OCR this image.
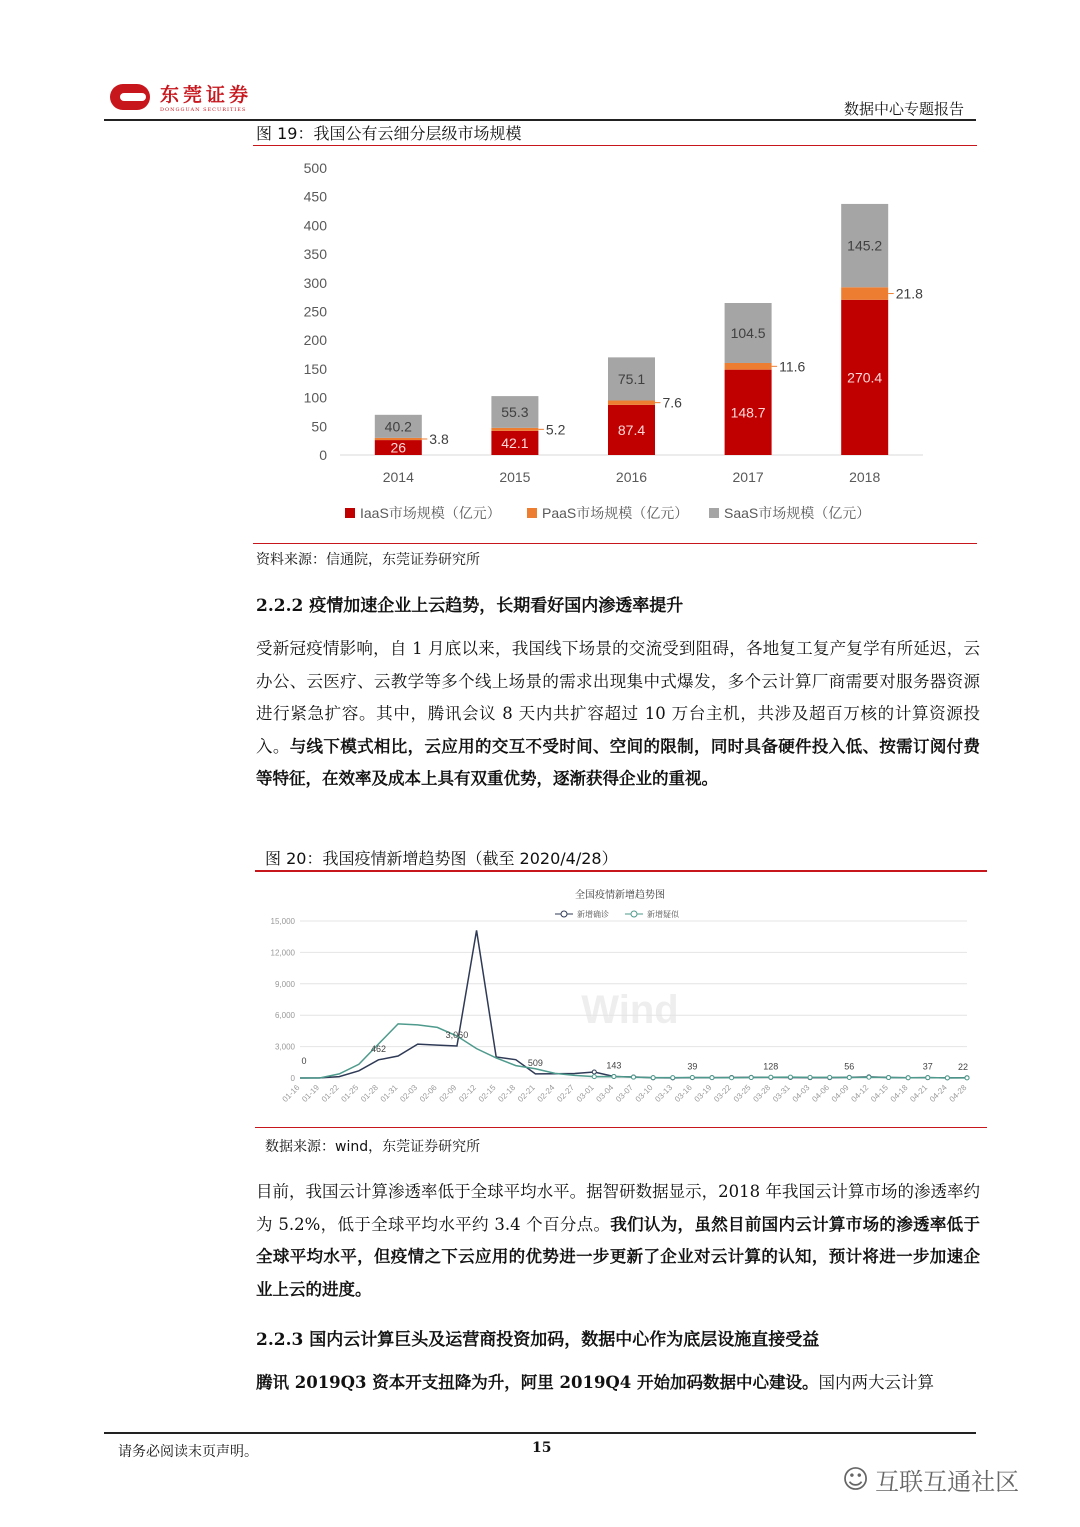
东莞证券
DONGGUAN SECURITIES	数据中心专题报告
图 19：我国公有云细分层级市场规模
0
50
100
150
200
250
300
350
400
450
500
2014	2015	2016	2017	2018
26
3.8
40.2
42.1
5.2
55.3
87.4
7.6
75.1
148.7
11.6
104.5
270.4
21.8
145.2
IaaS市场规模（亿元）	PaaS市场规模（亿元）	SaaS市场规模（亿元）
资料来源：信通院，东莞证券研究所
2.2.2 疫情加速企业上云趋势，长期看好国内渗透率提升
受新冠疫情影响，自 1 月底以来，我国线下场景的交流受到阻碍，各地复工复产复学有所延迟，云办公、云医疗、云教学等多个线上场景的需求出现集中式爆发，多个云计算厂商需要对服务器资源进行紧急扩容。其中，腾讯会议 8 天内共扩容超过 10 万台主机，共涉及超百万核的计算资源投入。与线下模式相比，云应用的交互不受时间、空间的限制，同时具备硬件投入低、按需订阅付费等特征，在效率及成本上具有双重优势，逐渐获得企业的重视。
图 20：我国疫情新增趋势图（截至 2020/4/28）
全国疫情新增趋势图
Wind
0
3,000
6,000
9,000
12,000
15,000
01-16
01-19
01-22
01-25
01-28
01-31
02-03
02-06
02-09
02-12
02-15
02-18
02-21
02-24
02-27
03-01
03-04
03-07
03-10
03-13
03-16
03-19
03-22
03-25
03-28
03-31
04-03
04-06
04-09
04-12
04-15
04-18
04-21
04-24
04-28
新增确诊	新增疑似
0
462
3,060
509	143	39	128	56	37	22
数据来源：wind，东莞证券研究所
目前，我国云计算渗透率低于全球平均水平。据智研数据显示，2018 年我国云计算市场的渗透率约为 5.2%，低于全球平均水平约 3.4 个百分点。我们认为，虽然目前国内云计算市场的渗透率低于全球平均水平，但疫情之下云应用的优势进一步更新了企业对云计算的认知，预计将进一步加速企业上云的进度。
2.2.3 国内云计算巨头及运营商投资加码，数据中心作为底层设施直接受益
腾讯 2019Q3 资本开支扭降为升，阿里 2019Q4 开始加码数据中心建设。国内两大云计算
请务必阅读末页声明。	15
☺ 互联互通社区
